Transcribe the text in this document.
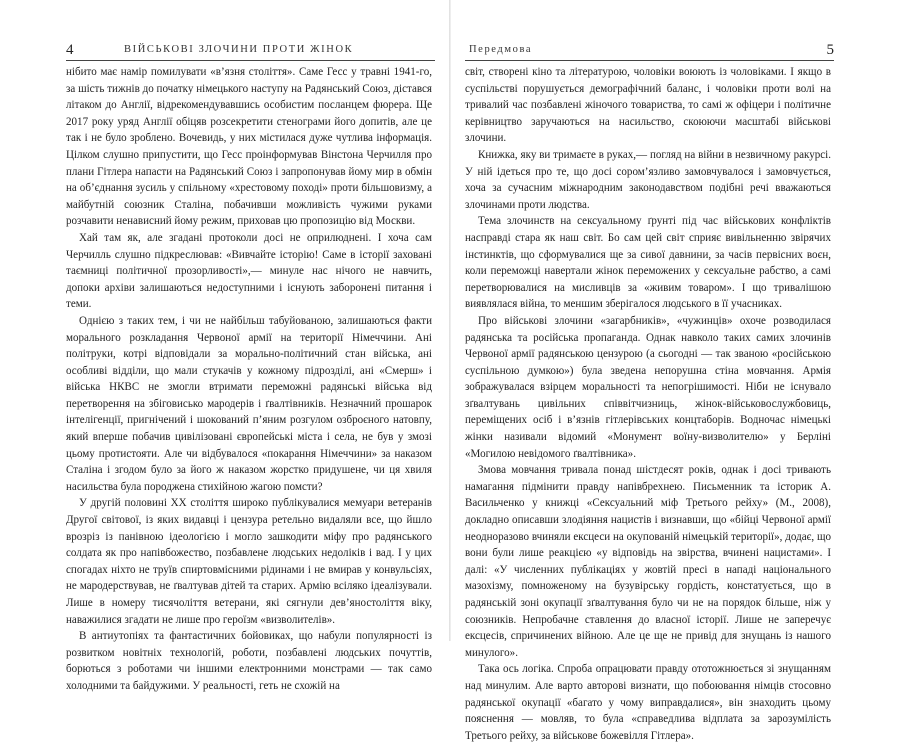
4	ВІЙСЬКОВІ ЗЛОЧИНИ ПРОТИ ЖІНОК

нібито має намір помилувати «в’язня століття». Саме Гесс у травні 1941-го, за шість тижнів до початку німецького наступу на Радянський Союз, дістався літаком до Англії, відрекомендувавшись особистим посланцем фюрера. Ще 2017 року уряд Англії обіцяв розсекретити стенограми його допитів, але це так і не було зроблено. Вочевидь, у них містилася дуже чутлива інформація. Цілком слушно припустити, що Гесс проінформував Вінстона Черчилля про плани Гітлера напасти на Радянський Союз і запропонував йому мир в обмін на об’єднання зусиль у спільному «хрестовому поході» проти більшовизму, а майбутній союзник Сталіна, побачивши можливість чужими руками розчавити ненависний йому режим, приховав цю пропозицію від Москви.

Хай там як, але згадані протоколи досі не оприлюднені. І хоча сам Черчилль слушно підкреслював: «Вивчайте історію! Саме в історії заховані таємниці політичної прозорливості»,— минуле нас нічого не навчить, допоки архіви залишаються недоступними і існують заборонені питання і теми.

Однією з таких тем, і чи не найбільш табуйованою, залишаються факти морального розкладання Червоної армії на території Німеччини. Ані політруки, котрі відповідали за морально-політичний стан війська, ані особливі відділи, що мали стукачів у кожному підрозділі, ані «Смерш» і війська НКВС не змогли втримати переможні радянські війська від перетворення на збіговисько мародерів і ґвалтівників. Незначний прошарок інтелігенції, пригнічений і шокований п’яним розгулом озброєного натовпу, який вперше побачив цивілізовані європейські міста і села, не був у змозі цьому протистояти. Але чи відбувалося «покарання Німеччини» за наказом Сталіна і згодом було за його ж наказом жорстко придушене, чи ця хвиля насильства була породжена стихійною жагою помсти?

У другій половині XX століття широко публікувалися мемуари ветеранів Другої світової, із яких видавці і цензура ретельно видаляли все, що йшло врозріз із панівною ідеологією і могло зашкодити міфу про радянського солдата як про напівбожество, позбавлене людських недоліків і вад. І у цих спогадах ніхто не труїв спиртовмісними рідинами і не вмирав у конвульсіях, не мародерствував, не ґвалтував дітей та старих. Армію всіляко ідеалізували. Лише в номеру тисячоліття ветерани, які сягнули дев’яностоліття віку, наважилися згадати не лише про героїзм «визволителів».

В антиутопіях та фантастичних бойовиках, що набули популярності із розвитком новітніх технологій, роботи, позбавлені людських почуттів, борються з роботами чи іншими електронними монстрами — так само холодними та байдужими. У реальності, геть не схожій на

Передмова	5

світ, створені кіно та літературою, чоловіки воюють із чоловіками. І якщо в суспільстві порушується демографічний баланс, і чоловіки проти волі на тривалий час позбавлені жіночого товариства, то самі ж офіцери і політичне керівництво заручаються на насильство, скоюючи масштабі військові злочини.

Книжка, яку ви тримаєте в руках,— погляд на війни в незвичному ракурсі. У ній ідеться про те, що досі сором’язливо замовчувалося і замовчується, хоча за сучасним міжнародним законодавством подібні речі вважаються злочинами проти людства.

Тема злочинств на сексуальному ґрунті під час військових конфліктів насправді стара як наш світ. Бо сам цей світ сприяє вивільненню звірячих інстинктів, що сформувалися ще за сивої давнини, за часів первісних воєн, коли переможці навертали жінок переможених у сексуальне рабство, а самі перетворювалися на мисливців за «живим товаром». І що тривалішою виявлялася війна, то меншим зберігалося людського в її учасниках.

Про військові злочини «загарбників», «чужинців» охоче розводилася радянська та російська пропаганда. Однак навколо таких самих злочинів Червоної армії радянською цензурою (а сьогодні — так званою «російською суспільною думкою») була зведена непорушна стіна мовчання. Армія зображувалася взірцем моральності та непогрішимості. Ніби не існувало зґвалтувань цивільних співвітчизниць, жінок-військовослужбовиць, переміщених осіб і в’язнів гітлерівських концтаборів. Водночас німецькі жінки називали відомий «Монумент воїну-визволителю» у Берліні «Могилою невідомого ґвалтівника».

Змова мовчання тривала понад шістдесят років, однак і досі тривають намагання підмінити правду напівбрехнею. Письменник та історик А. Васильченко у книжці «Сексуальний міф Третього рейху» (М., 2008), докладно описавши злодіяння нацистів і визнавши, що «бійці Червоної армії неодноразово вчиняли ексцеси на окупованій німецькій території», додає, що вони були лише реакцією «у відповідь на звірства, вчинені нацистами». І далі: «У численних публікаціях у жовтій пресі в нападі національного мазохізму, помноженому на бузувірську гордість, констатується, що в радянській зоні окупації зґвалтування було чи не на порядок більше, ніж у союзників. Непробачне ставлення до власної історії. Лише не заперечує ексцесів, спричинених війною. Але це ще не привід для знущань із нашого минулого».

Така ось логіка. Спроба опрацювати правду ототожнюється зі знущанням над минулим. Але варто авторові визнати, що побоювання німців стосовно радянської окупації «багато у чому виправдалися», він знаходить цьому пояснення — мовляв, то була «справедлива відплата за зарозумілість Третього рейху, за військове божевілля Гітлера».
